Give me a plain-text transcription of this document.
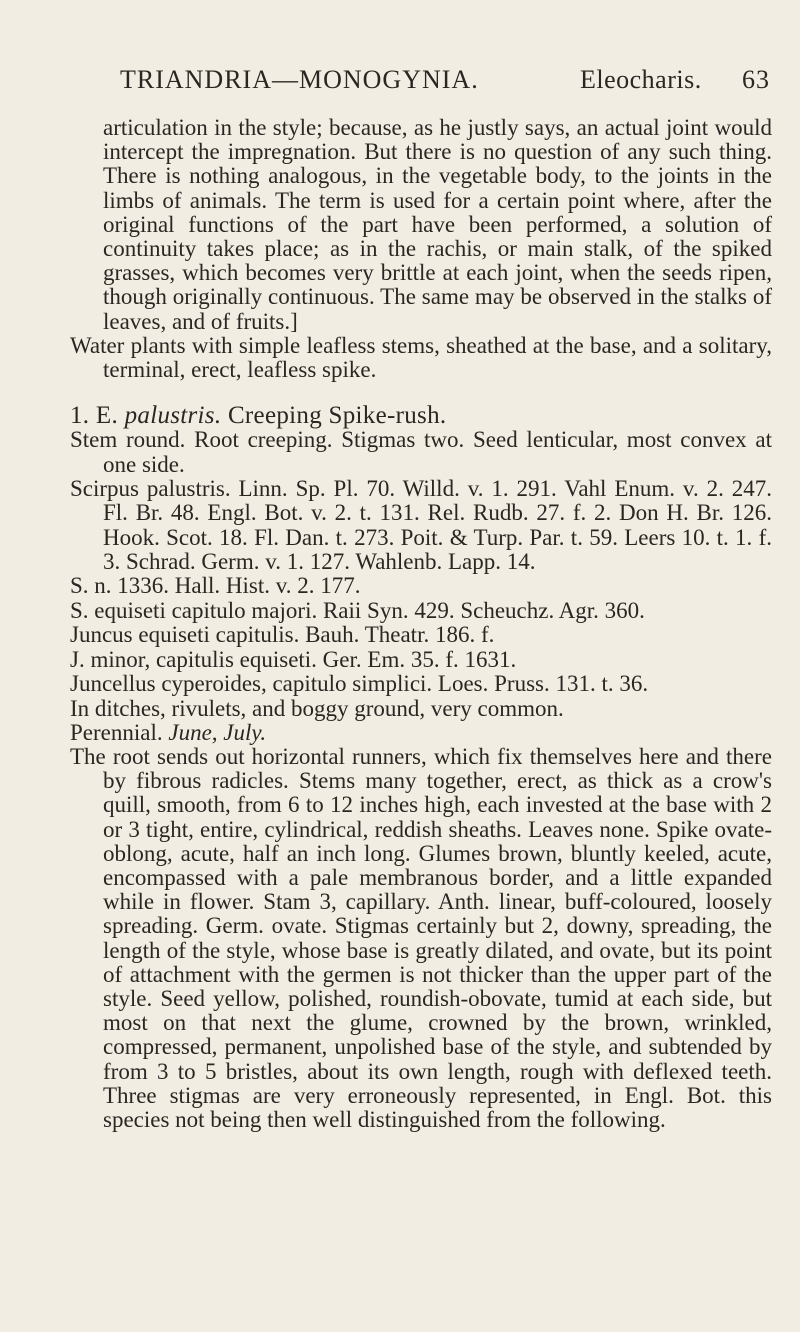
TRIANDRIA—MONOGYNIA.	Eleocharis. 63

articulation in the style; because, as he justly says, an actual joint would intercept the impregnation. But there is no question of any such thing. There is nothing analogous, in the vegetable body, to the joints in the limbs of animals. The term is used for a certain point where, after the original functions of the part have been performed, a solution of continuity takes place; as in the rachis, or main stalk, of the spiked grasses, which becomes very brittle at each joint, when the seeds ripen, though originally continuous. The same may be observed in the stalks of leaves, and of fruits.]

Water plants with simple leafless stems, sheathed at the base, and a solitary, terminal, erect, leafless spike.

1. E. palustris. Creeping Spike-rush.

Stem round. Root creeping. Stigmas two. Seed lenticular, most convex at one side.

Scirpus palustris. Linn. Sp. Pl. 70. Willd. v. 1. 291. Vahl Enum. v. 2. 247. Fl. Br. 48. Engl. Bot. v. 2. t. 131. Rel. Rudb. 27. f. 2. Don H. Br. 126. Hook. Scot. 18. Fl. Dan. t. 273. Poit. & Turp. Par. t. 59. Leers 10. t. 1. f. 3. Schrad. Germ. v. 1. 127. Wahlenb. Lapp. 14.

S. n. 1336. Hall. Hist. v. 2. 177.

S. equiseti capitulo majori. Raii Syn. 429. Scheuchz. Agr. 360.

Juncus equiseti capitulis. Bauh. Theatr. 186. f.

J. minor, capitulis equiseti. Ger. Em. 35. f. 1631.

Juncellus cyperoides, capitulo simplici. Loes. Pruss. 131. t. 36.

In ditches, rivulets, and boggy ground, very common.

Perennial. June, July.

The root sends out horizontal runners, which fix themselves here and there by fibrous radicles. Stems many together, erect, as thick as a crow's quill, smooth, from 6 to 12 inches high, each invested at the base with 2 or 3 tight, entire, cylindrical, reddish sheaths. Leaves none. Spike ovate-oblong, acute, half an inch long. Glumes brown, bluntly keeled, acute, encompassed with a pale membranous border, and a little expanded while in flower. Stam 3, capillary. Anth. linear, buff-coloured, loosely spreading. Germ. ovate. Stigmas certainly but 2, downy, spreading, the length of the style, whose base is greatly dilated, and ovate, but its point of attachment with the germen is not thicker than the upper part of the style. Seed yellow, polished, roundish-obovate, tumid at each side, but most on that next the glume, crowned by the brown, wrinkled, compressed, permanent, unpolished base of the style, and subtended by from 3 to 5 bristles, about its own length, rough with deflexed teeth. Three stigmas are very erroneously represented, in Engl. Bot. this species not being then well distinguished from the following.
